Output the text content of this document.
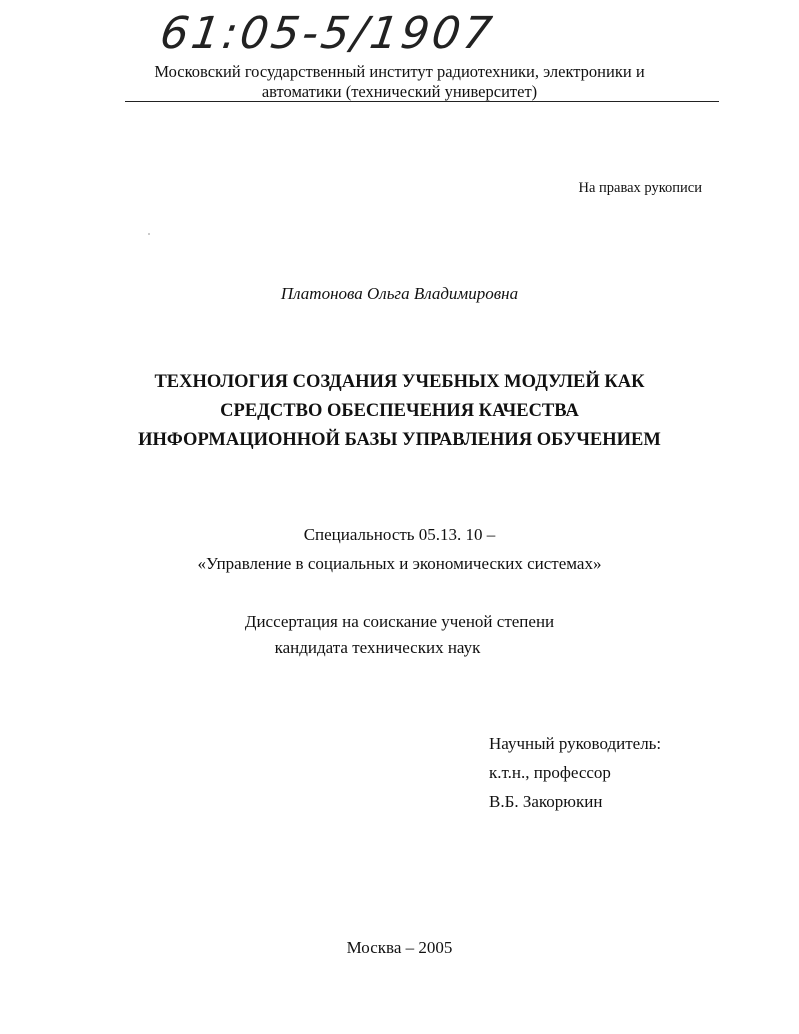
61:05-5/1907
Московский государственный институт радиотехники, электроники и
автоматики (технический университет)
На правах рукописи
Платонова Ольга Владимировна
ТЕХНОЛОГИЯ СОЗДАНИЯ УЧЕБНЫХ МОДУЛЕЙ КАК
СРЕДСТВО ОБЕСПЕЧЕНИЯ КАЧЕСТВА
ИНФОРМАЦИОННОЙ БАЗЫ УПРАВЛЕНИЯ ОБУЧЕНИЕМ
Специальность 05.13. 10 –
«Управление в социальных и экономических системах»
Диссертация на соискание ученой степени
кандидата технических наук
Научный руководитель:
к.т.н., профессор
В.Б. Закорюкин
Москва – 2005
